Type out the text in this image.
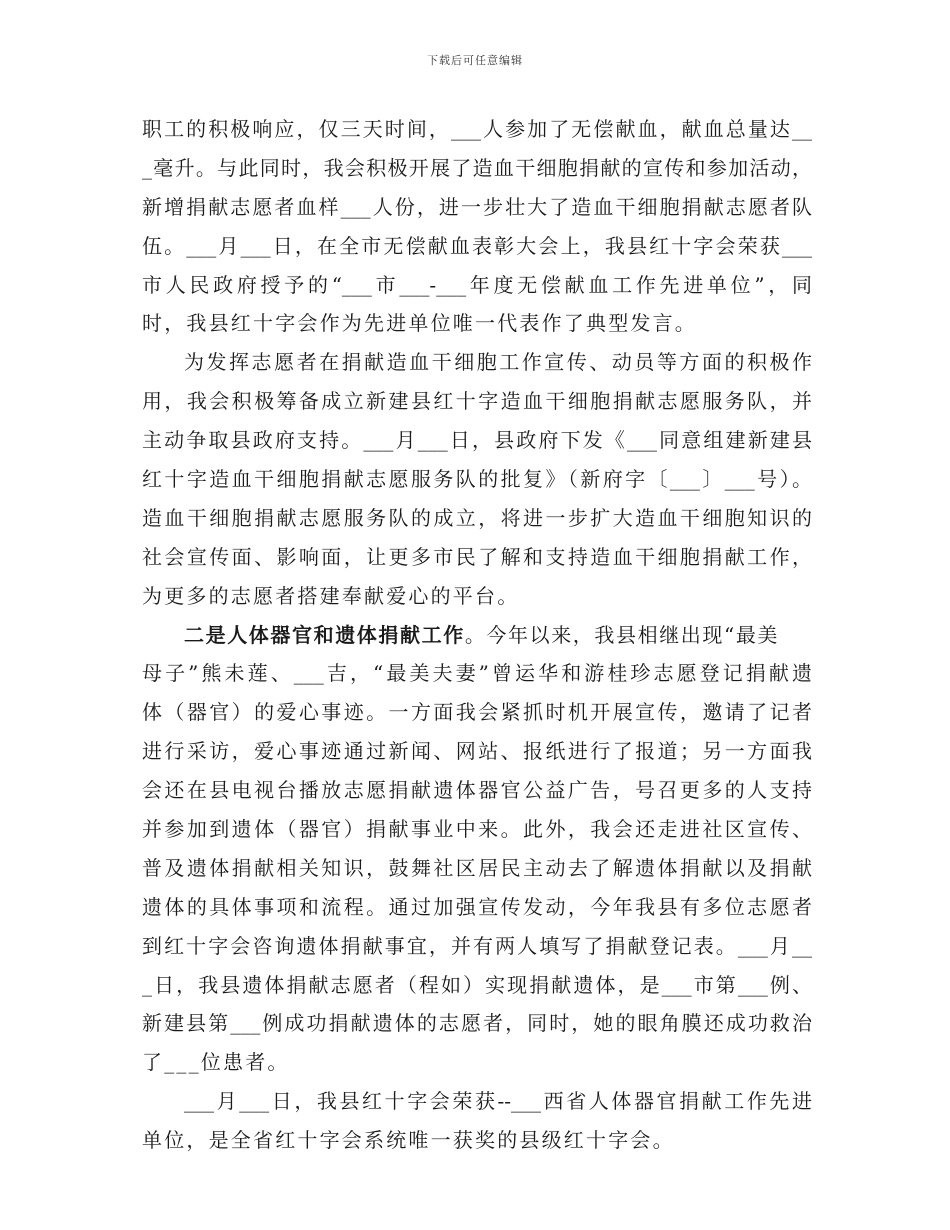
下载后可任意编辑
职工的积极响应，仅三天时间，___人参加了无偿献血，献血总量达__
_毫升。与此同时，我会积极开展了造血干细胞捐献的宣传和参加活动，
新增捐献志愿者血样___人份，进一步壮大了造血干细胞捐献志愿者队
伍。___月___日，在全市无偿献血表彰大会上，我县红十字会荣获___
市人民政府授予的“___市___-___年度无偿献血工作先进单位”，同
时，我县红十字会作为先进单位唯一代表作了典型发言。
为发挥志愿者在捐献造血干细胞工作宣传、动员等方面的积极作
用，我会积极筹备成立新建县红十字造血干细胞捐献志愿服务队，并
主动争取县政府支持。___月___日，县政府下发《___同意组建新建县
红十字造血干细胞捐献志愿服务队的批复》（新府字〔___〕___号）。
造血干细胞捐献志愿服务队的成立，将进一步扩大造血干细胞知识的
社会宣传面、影响面，让更多市民了解和支持造血干细胞捐献工作，
为更多的志愿者搭建奉献爱心的平台。
二是人体器官和遗体捐献工作。今年以来，我县相继出现“最美
母子”熊未莲、___吉，“最美夫妻”曾运华和游桂珍志愿登记捐献遗
体（器官）的爱心事迹。一方面我会紧抓时机开展宣传，邀请了记者
进行采访，爱心事迹通过新闻、网站、报纸进行了报道；另一方面我
会还在县电视台播放志愿捐献遗体器官公益广告，号召更多的人支持
并参加到遗体（器官）捐献事业中来。此外，我会还走进社区宣传、
普及遗体捐献相关知识，鼓舞社区居民主动去了解遗体捐献以及捐献
遗体的具体事项和流程。通过加强宣传发动，今年我县有多位志愿者
到红十字会咨询遗体捐献事宜，并有两人填写了捐献登记表。___月__
_日，我县遗体捐献志愿者（程如）实现捐献遗体，是___市第___例、
新建县第___例成功捐献遗体的志愿者，同时，她的眼角膜还成功救治
了___位患者。
___月___日，我县红十字会荣获--___西省人体器官捐献工作先进
单位，是全省红十字会系统唯一获奖的县级红十字会。
